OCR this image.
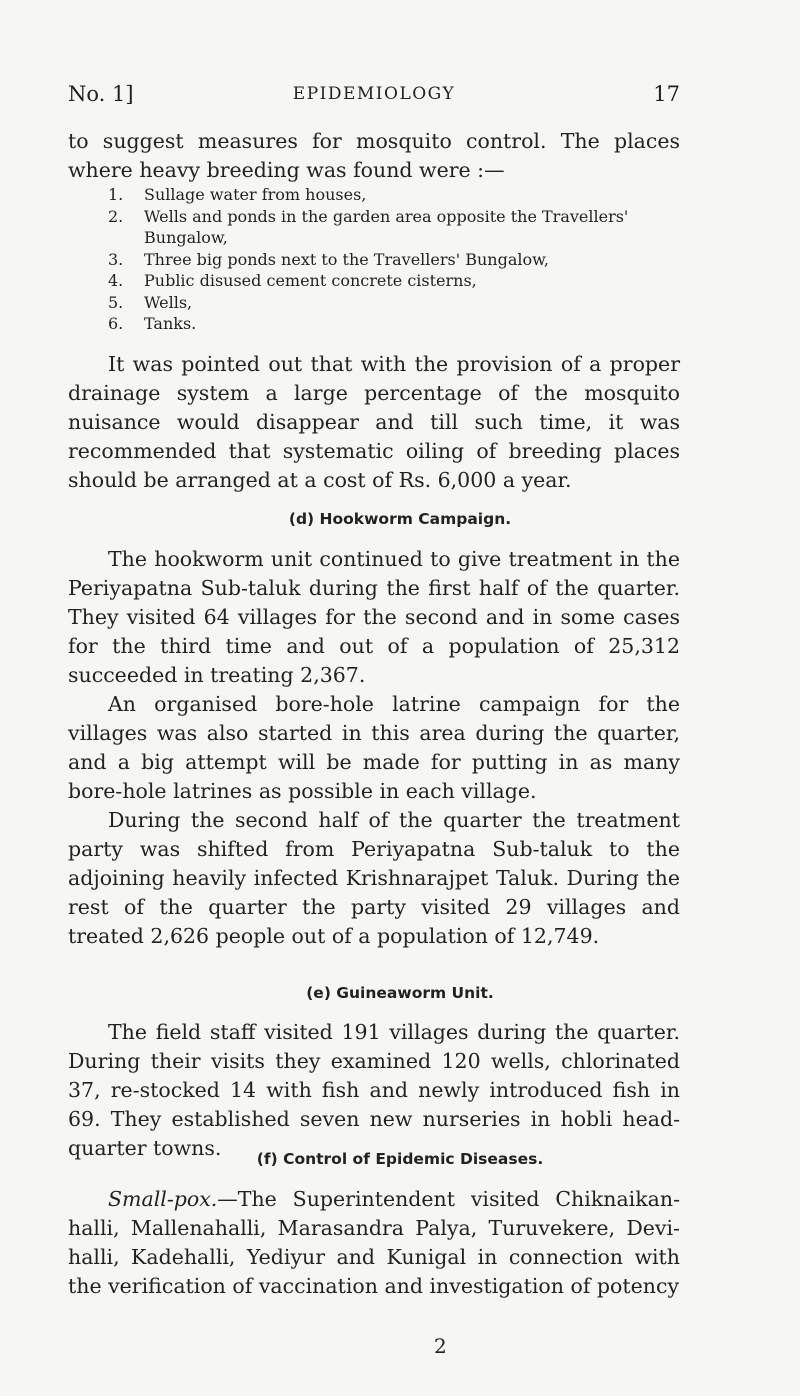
No. 1]	EPIDEMIOLOGY	17

to suggest measures for mosquito control. The places where heavy breeding was found were :—

1. Sullage water from houses,
2. Wells and ponds in the garden area opposite the Travellers' Bungalow,
3. Three big ponds next to the Travellers' Bungalow,
4. Public disused cement concrete cisterns,
5. Wells,
6. Tanks.

It was pointed out that with the provision of a proper drainage system a large percentage of the mosquito nuisance would disappear and till such time, it was recommended that systematic oiling of breeding places should be arranged at a cost of Rs. 6,000 a year.

(d) Hookworm Campaign.

The hookworm unit continued to give treatment in the Periyapatna Sub-taluk during the first half of the quarter. They visited 64 villages for the second and in some cases for the third time and out of a population of 25,312 succeeded in treating 2,367.

An organised bore-hole latrine campaign for the villages was also started in this area during the quarter, and a big attempt will be made for putting in as many bore-hole latrines as possible in each village.

During the second half of the quarter the treatment party was shifted from Periyapatna Sub-taluk to the adjoining heavily infected Krishnarajpet Taluk. During the rest of the quarter the party visited 29 villages and treated 2,626 people out of a population of 12,749.

(e) Guineaworm Unit.

The field staff visited 191 villages during the quarter. During their visits they examined 120 wells, chlorinated 37, re-stocked 14 with fish and newly introduced fish in 69. They established seven new nurseries in hobli head-quarter towns.	(f) Control of Epidemic Diseases.

Small-pox.—The Superintendent visited Chiknaikan-halli, Mallenahalli, Marasandra Palya, Turuvekere, Devi-halli, Kadehalli, Yediyur and Kunigal in connection with the verification of vaccination and investigation of potency

2
